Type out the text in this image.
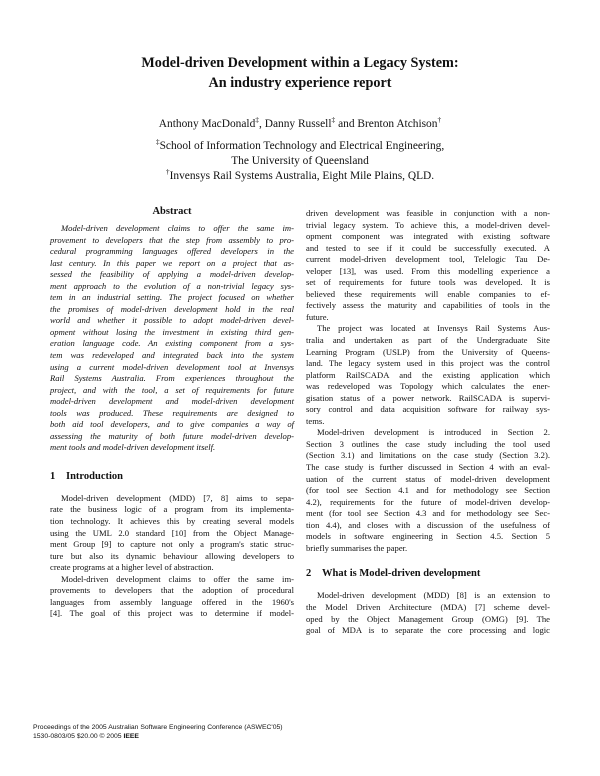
Model-driven Development within a Legacy System:
An industry experience report
Anthony MacDonald‡, Danny Russell‡ and Brenton Atchison†
‡School of Information Technology and Electrical Engineering,
The University of Queensland
†Invensys Rail Systems Australia, Eight Mile Plains, QLD.
Abstract
Model-driven development claims to offer the same im-
provement to developers that the step from assembly to pro-
cedural programming languages offered developers in the
last century. In this paper we report on a project that as-
sessed the feasibility of applying a model-driven develop-
ment approach to the evolution of a non-trivial legacy sys-
tem in an industrial setting. The project focused on whether
the promises of model-driven development hold in the real
world and whether it possible to adopt model-driven devel-
opment without losing the investment in existing third gen-
eration language code. An existing component from a sys-
tem was redeveloped and integrated back into the system
using a current model-driven development tool at Invensys
Rail Systems Australia. From experiences throughout the
project, and with the tool, a set of requirements for future
model-driven development and model-driven development
tools was produced. These requirements are designed to
both aid tool developers, and to give companies a way of
assessing the maturity of both future model-driven develop-
ment tools and model-driven development itself.
1 Introduction
Model-driven development (MDD) [7, 8] aims to sepa-
rate the business logic of a program from its implementa-
tion technology. It achieves this by creating several models
using the UML 2.0 standard [10] from the Object Manage-
ment Group [9] to capture not only a program's static struc-
ture but also its dynamic behaviour allowing developers to
create programs at a higher level of abstraction.
Model-driven development claims to offer the same im-
provements to developers that the adoption of procedural
languages from assembly language offered in the 1960's
[4]. The goal of this project was to determine if model-
driven development was feasible in conjunction with a non-
trivial legacy system. To achieve this, a model-driven devel-
opment component was integrated with existing software
and tested to see if it could be successfully executed. A
current model-driven development tool, Telelogic Tau De-
veloper [13], was used. From this modelling experience a
set of requirements for future tools was developed. It is
believed these requirements will enable companies to ef-
fectively assess the maturity and capabilities of tools in the
future.
The project was located at Invensys Rail Systems Aus-
tralia and undertaken as part of the Undergraduate Site
Learning Program (USLP) from the University of Queens-
land. The legacy system used in this project was the control
platform RailSCADA and the existing application which
was redeveloped was Topology which calculates the ener-
gisation status of a power network. RailSCADA is supervi-
sory control and data acquisition software for railway sys-
tems.
Model-driven development is introduced in Section 2.
Section 3 outlines the case study including the tool used
(Section 3.1) and limitations on the case study (Section 3.2).
The case study is further discussed in Section 4 with an eval-
uation of the current status of model-driven development
(for tool see Section 4.1 and for methodology see Section
4.2), requirements for the future of model-driven develop-
ment (for tool see Section 4.3 and for methodology see Sec-
tion 4.4), and closes with a discussion of the usefulness of
models in software engineering in Section 4.5. Section 5
briefly summarises the paper.
2 What is Model-driven development
Model-driven development (MDD) [8] is an extension to
the Model Driven Architecture (MDA) [7] scheme devel-
oped by the Object Management Group (OMG) [9]. The
goal of MDA is to separate the core processing and logic
Proceedings of the 2005 Australian Software Engineering Conference (ASWEC'05)
1530-0803/05 $20.00 © 2005 IEEE
